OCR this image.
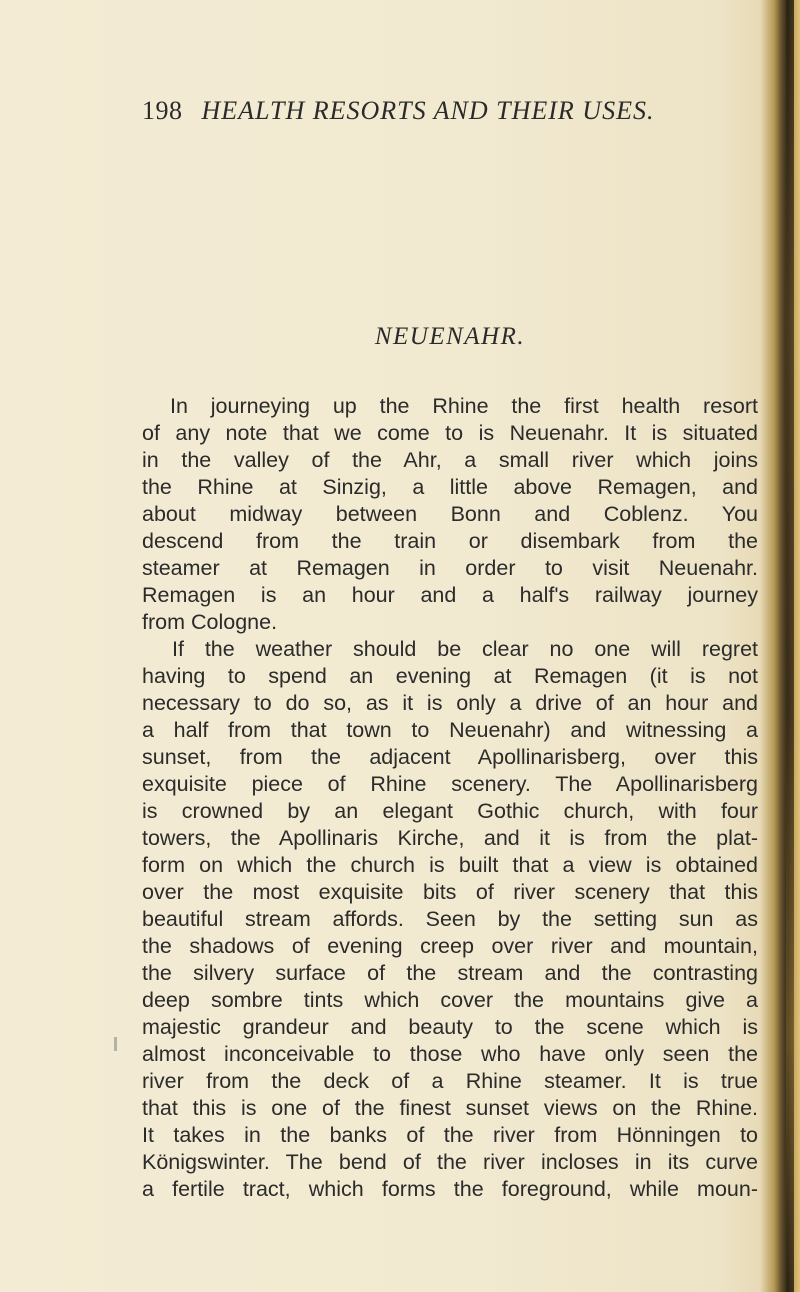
198 HEALTH RESORTS AND THEIR USES.
NEUENAHR.
In journeying up the Rhine the first health resort
of any note that we come to is Neuenahr. It is situated
in the valley of the Ahr, a small river which joins
the Rhine at Sinzig, a little above Remagen, and
about midway between Bonn and Coblenz. You
descend from the train or disembark from the
steamer at Remagen in order to visit Neuenahr.
Remagen is an hour and a half's railway journey
from Cologne.
If the weather should be clear no one will regret
having to spend an evening at Remagen (it is not
necessary to do so, as it is only a drive of an hour and
a half from that town to Neuenahr) and witnessing a
sunset, from the adjacent Apollinarisberg, over this
exquisite piece of Rhine scenery. The Apollinarisberg
is crowned by an elegant Gothic church, with four
towers, the Apollinaris Kirche, and it is from the plat-
form on which the church is built that a view is obtained
over the most exquisite bits of river scenery that this
beautiful stream affords. Seen by the setting sun as
the shadows of evening creep over river and mountain,
the silvery surface of the stream and the contrasting
deep sombre tints which cover the mountains give a
majestic grandeur and beauty to the scene which is
almost inconceivable to those who have only seen the
river from the deck of a Rhine steamer. It is true
that this is one of the finest sunset views on the Rhine.
It takes in the banks of the river from Hönningen to
Königswinter. The bend of the river incloses in its curve
a fertile tract, which forms the foreground, while moun-
